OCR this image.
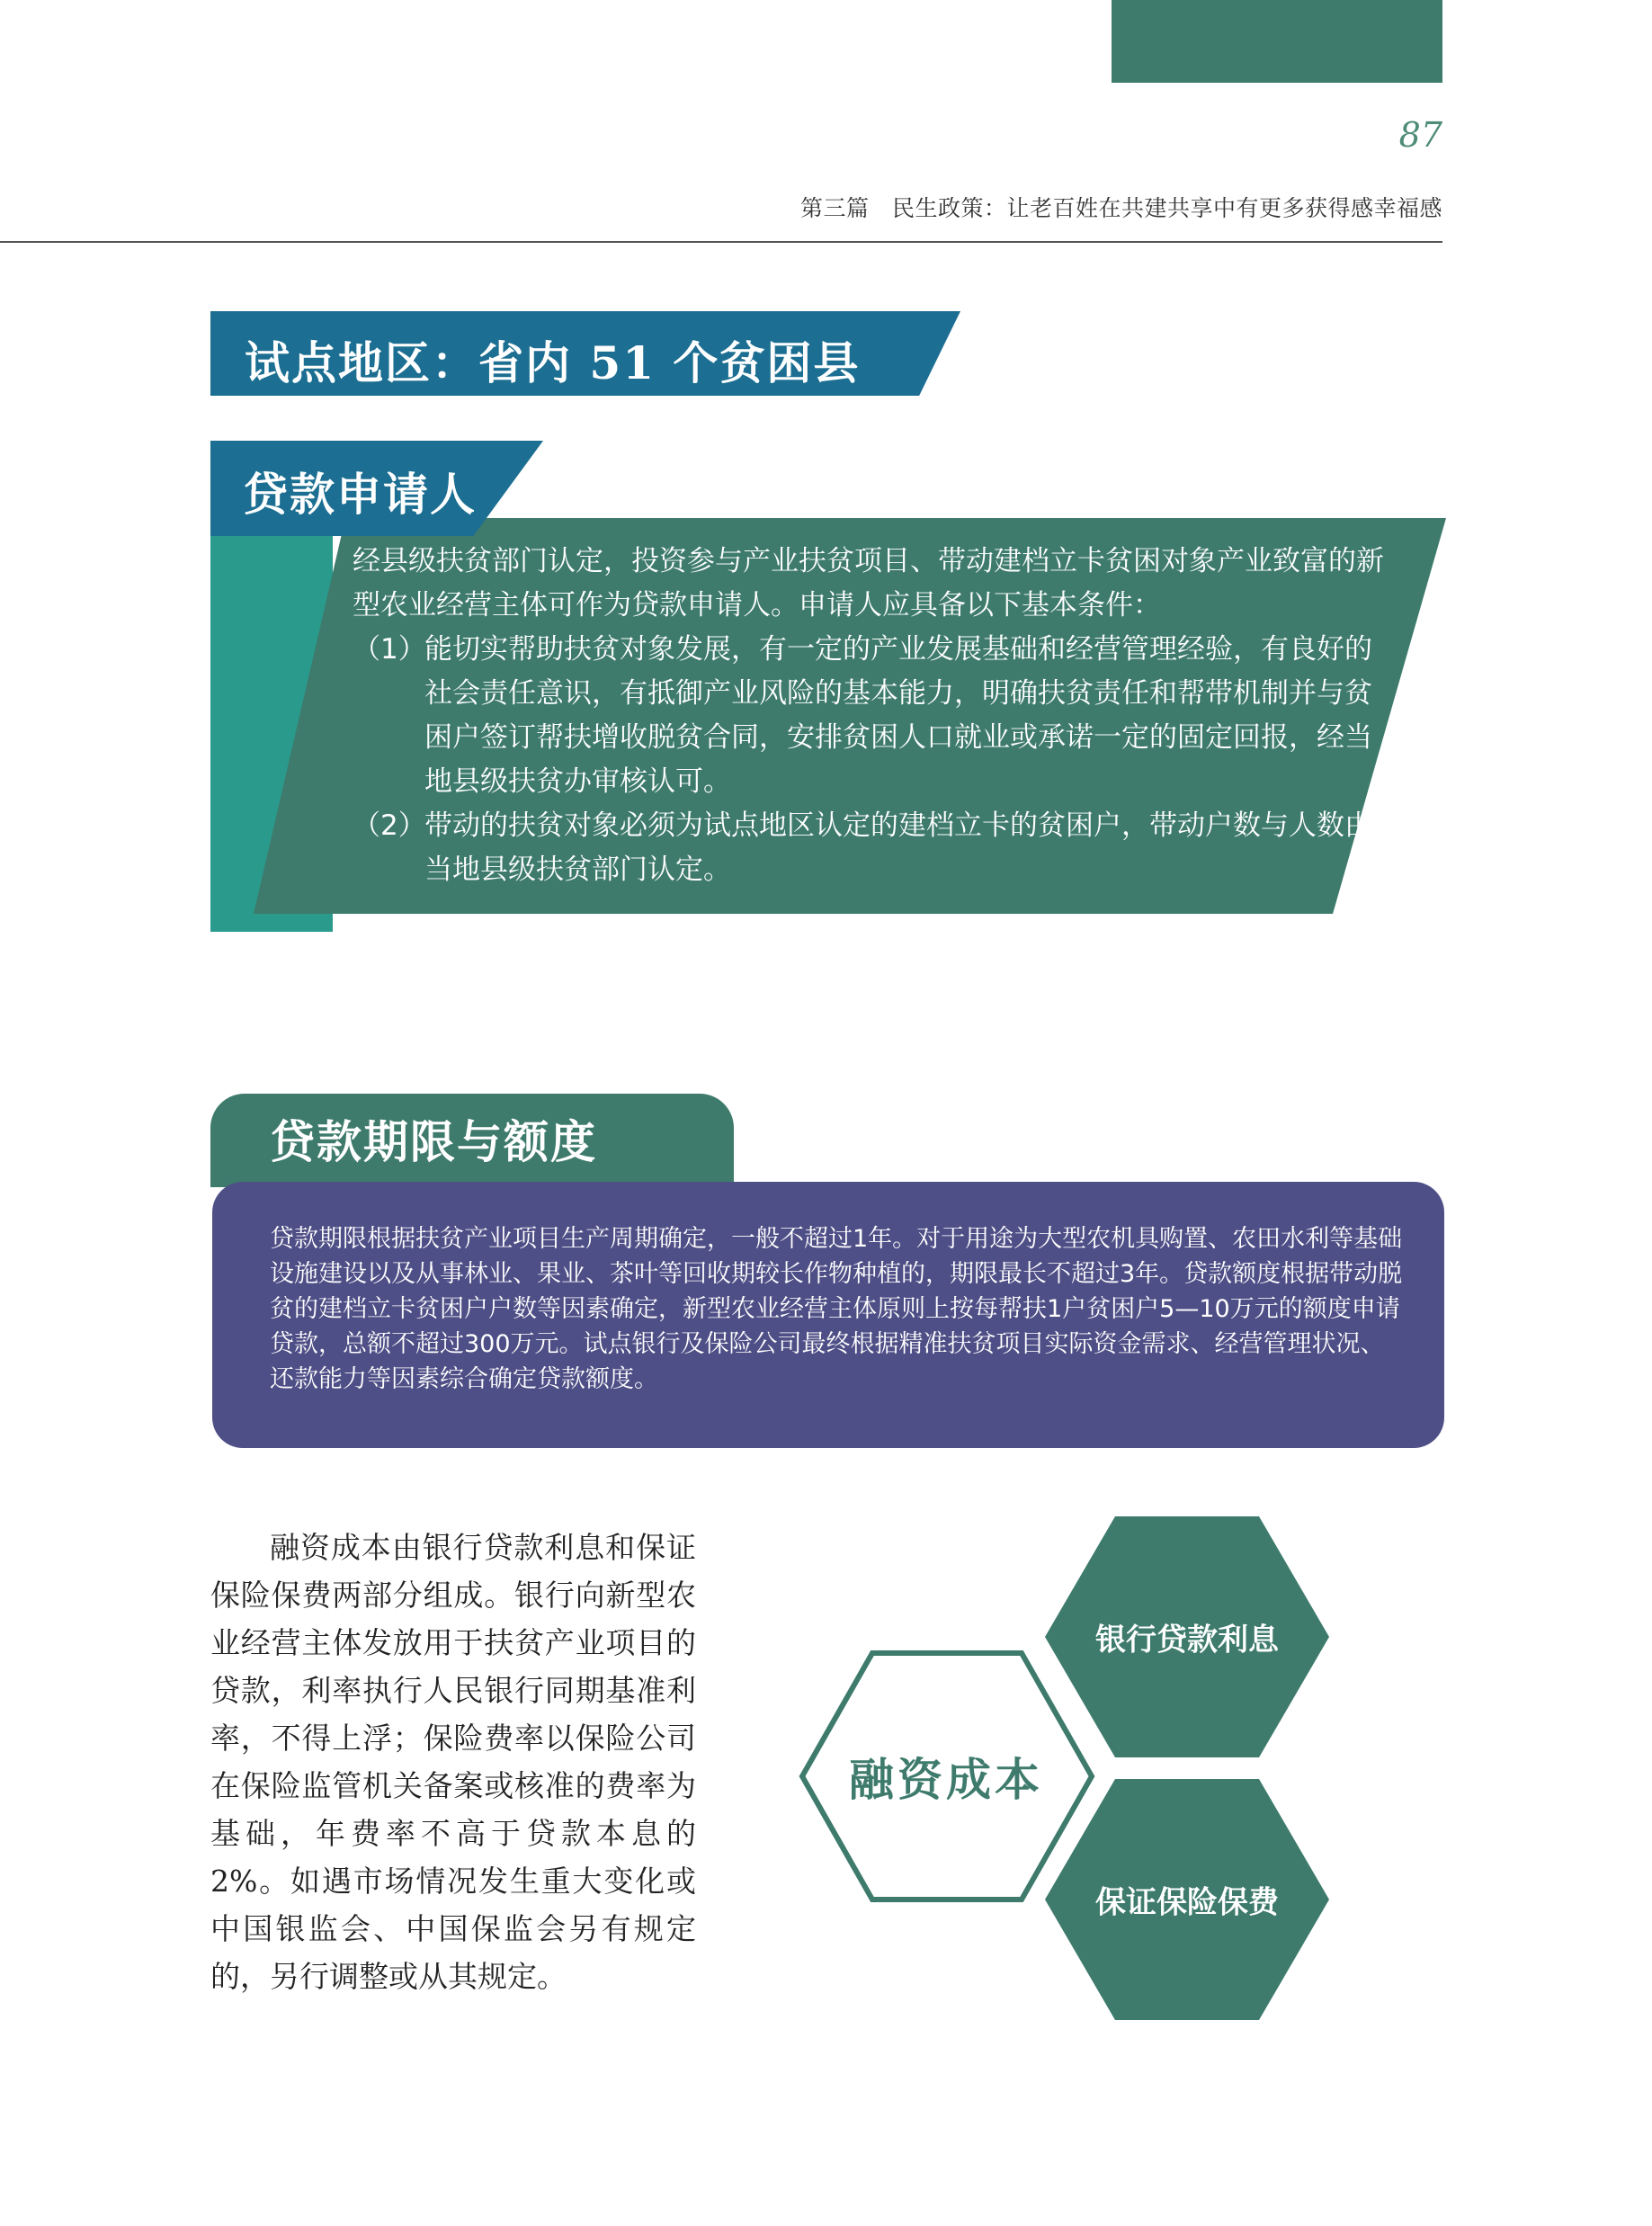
87
第三篇　民生政策：让老百姓在共建共享中有更多获得感幸福感
试点地区：省内 51 个贫困县
贷款申请人

经县级扶贫部门认定，投资参与产业扶贫项目、带动建档立卡贫困对象产业致富的新型农业经营主体可作为贷款申请人。申请人应具备以下基本条件：

（1）
能切实帮助扶贫对象发展，有一定的产业发展基础和经营管理经验，有良好的社会责任意识，有抵御产业风险的基本能力，明确扶贫责任和帮带机制并与贫困户签订帮扶增收脱贫合同，安排贫困人口就业或承诺一定的固定回报，经当地县级扶贫办审核认可。
（2）
带动的扶贫对象必须为试点地区认定的建档立卡的贫困户，带动户数与人数由当地县级扶贫部门认定。
贷款期限与额度
贷款期限根据扶贫产业项目生产周期确定，一般不超过1年。对于用途为大型农机具购置、农田水利等基础设施建设以及从事林业、果业、茶叶等回收期较长作物种植的，期限最长不超过3年。贷款额度根据带动脱贫的建档立卡贫困户户数等因素确定，新型农业经营主体原则上按每帮扶1户贫困户5—10万元的额度申请贷款，总额不超过300万元。试点银行及保险公司最终根据精准扶贫项目实际资金需求、经营管理状况、还款能力等因素综合确定贷款额度。

融资成本由银行贷款利息和保证保险保费两部分组成。银行向新型农业经营主体发放用于扶贫产业项目的贷款，利率执行人民银行同期基准利率，不得上浮；保险费率以保险公司在保险监管机关备案或核准的费率为基础，年费率不高于贷款本息的2%。如遇市场情况发生重大变化或中国银监会、中国保监会另有规定的，另行调整或从其规定。

融资成本
银行贷款利息
保证保险保费
